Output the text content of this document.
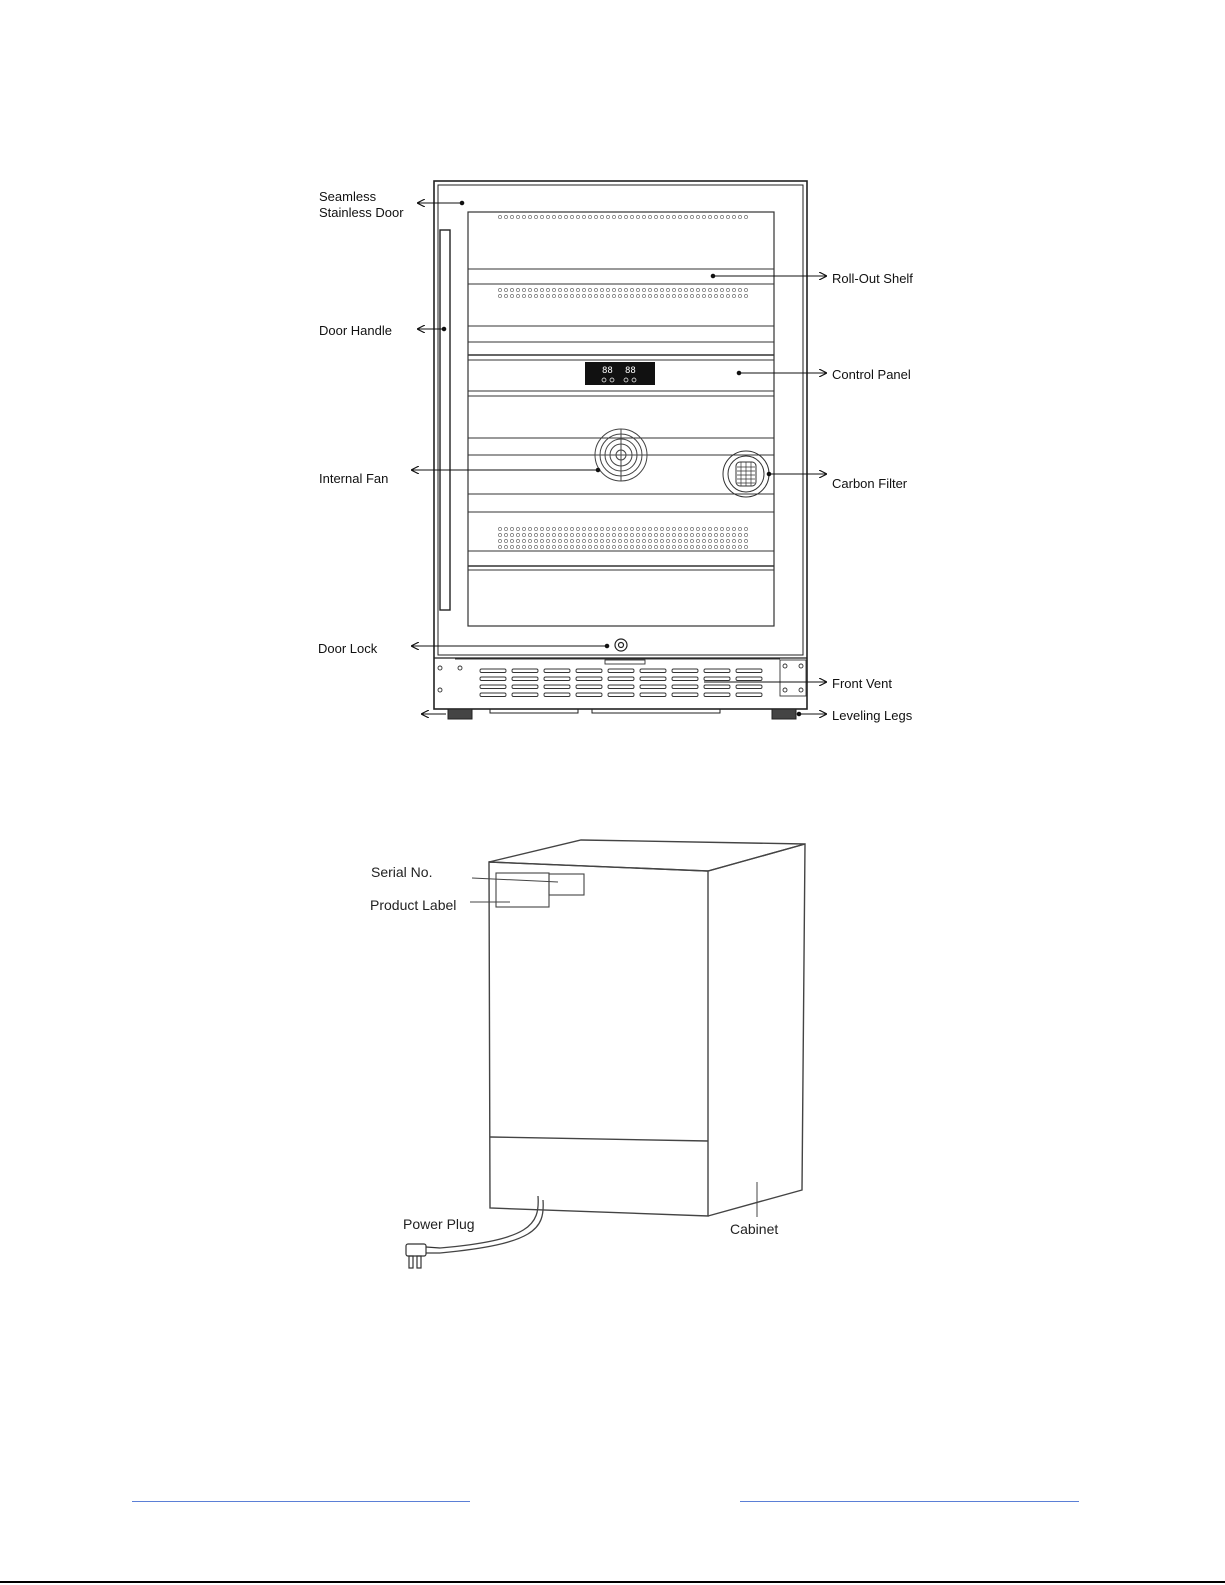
88 88
Seamless
Stainless Door
Door Handle
Internal Fan
Door Lock
Roll-Out Shelf
Control Panel
Carbon Filter
Front Vent
Leveling Legs
Serial No.
Product Label
Power Plug	Cabinet
